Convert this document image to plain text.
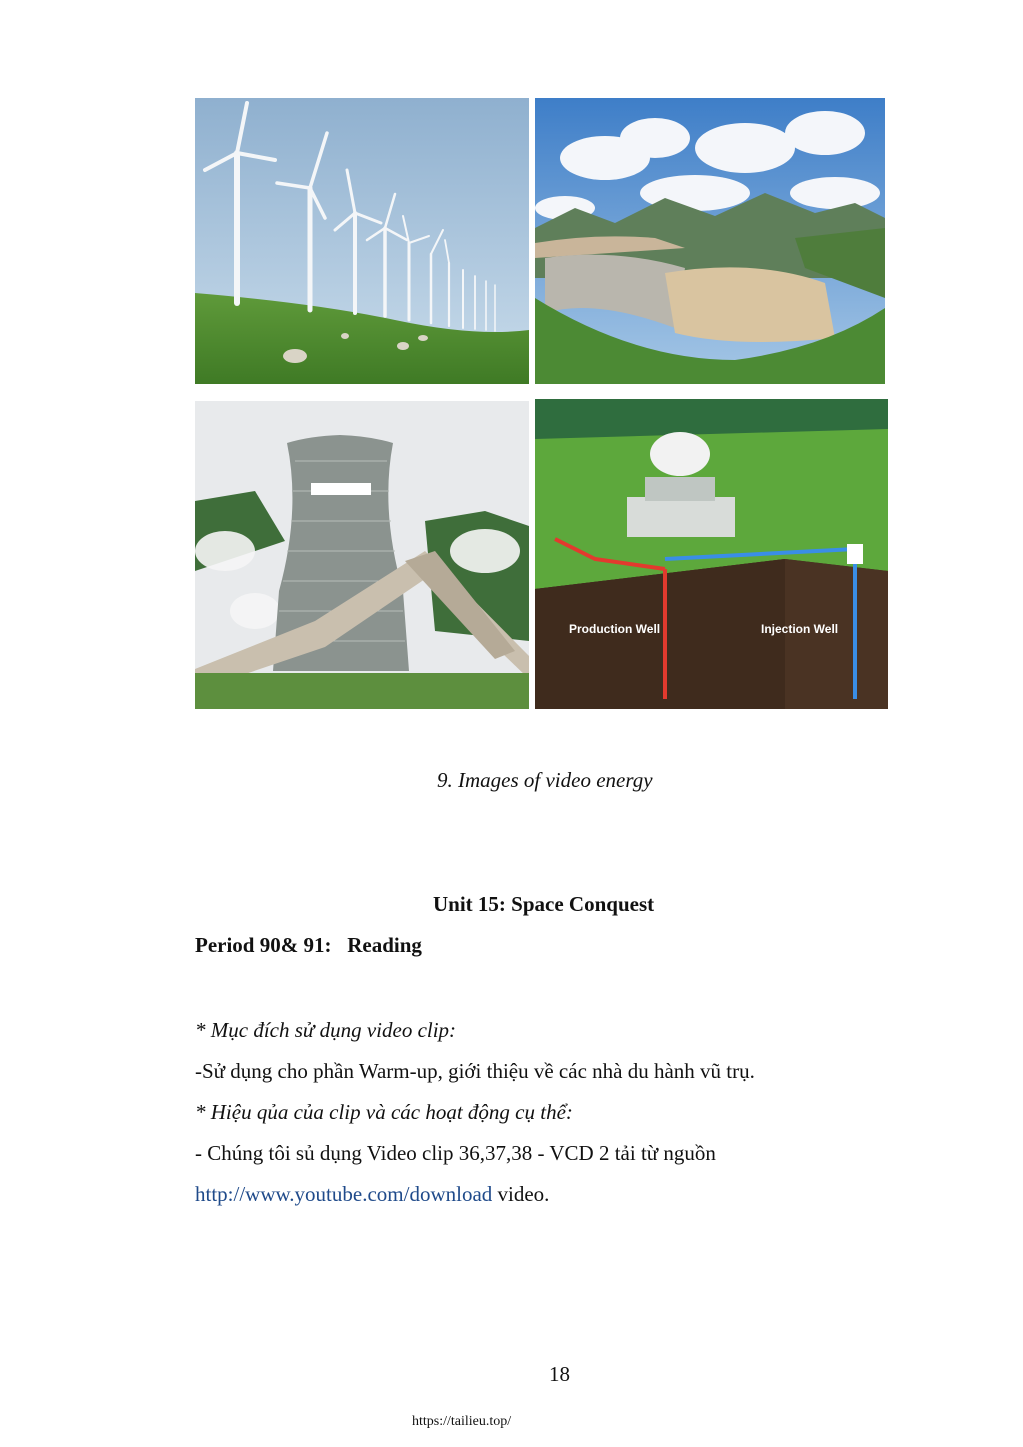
Production Well	Injection Well
9. Images of video energy
Unit 15: Space Conquest
Period 90& 91:   Reading
* Mục đích sử dụng video clip:
-Sử dụng cho phần Warm-up, giới thiệu về các nhà du hành vũ trụ.
* Hiệu qủa của clip và các hoạt động cụ thể:
- Chúng tôi sủ dụng Video clip 36,37,38 - VCD 2 tải từ nguồn
http://www.youtube.com/download video.
18
https://tailieu.top/
